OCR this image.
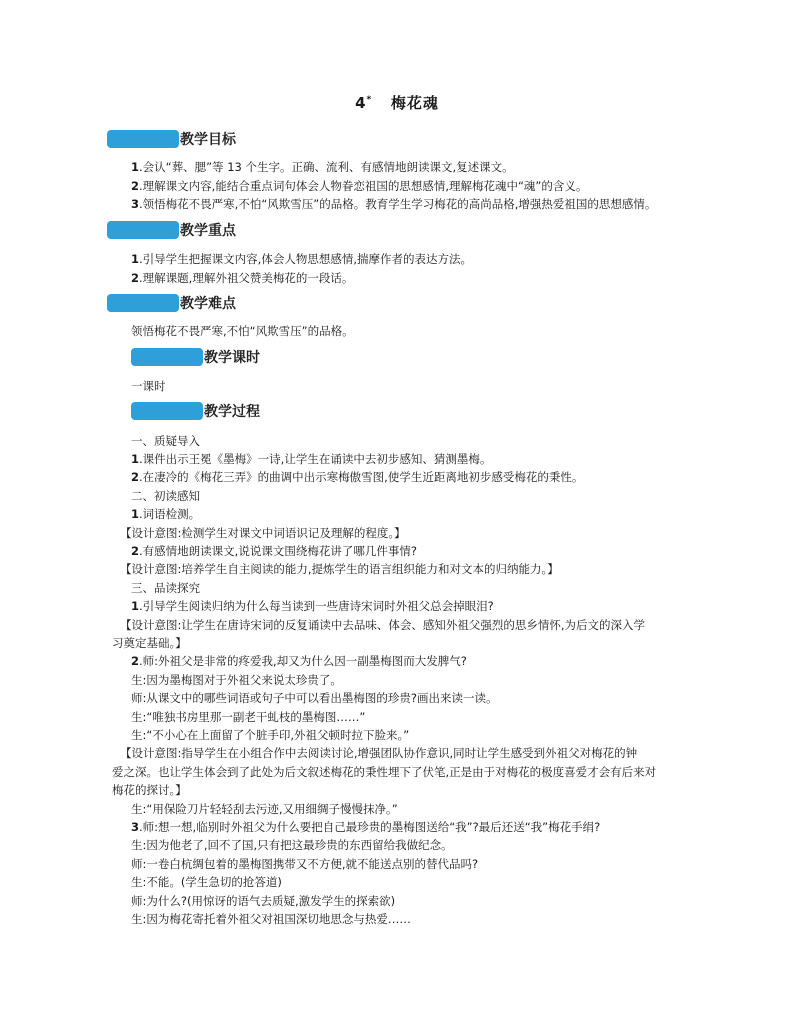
4* 梅花魂
教学目标
1.会认“葬、腮”等 13 个生字。正确、流利、有感情地朗读课文,复述课文。
2.理解课文内容,能结合重点词句体会人物眷恋祖国的思想感情,理解梅花魂中“魂”的含义。
3.领悟梅花不畏严寒,不怕“风欺雪压”的品格。教育学生学习梅花的高尚品格,增强热爱祖国的思想感情。
教学重点
1.引导学生把握课文内容,体会人物思想感情,揣摩作者的表达方法。
2.理解课题,理解外祖父赞美梅花的一段话。
教学难点
领悟梅花不畏严寒,不怕“风欺雪压”的品格。
教学课时
一课时
教学过程
一、质疑导入
1.课件出示王冕《墨梅》一诗,让学生在诵读中去初步感知、猜测墨梅。
2.在凄冷的《梅花三弄》的曲调中出示寒梅傲雪图,使学生近距离地初步感受梅花的秉性。
二、初读感知
1.词语检测。
【设计意图:检测学生对课文中词语识记及理解的程度。】
2.有感情地朗读课文,说说课文围绕梅花讲了哪几件事情?
【设计意图:培养学生自主阅读的能力,提炼学生的语言组织能力和对文本的归纳能力。】
三、品读探究
1.引导学生阅读归纳为什么每当读到一些唐诗宋词时外祖父总会掉眼泪?
【设计意图:让学生在唐诗宋词的反复诵读中去品味、体会、感知外祖父强烈的思乡情怀,为后文的深入学
习奠定基础。】
2.师:外祖父是非常的疼爱我,却又为什么因一副墨梅图而大发脾气?
生:因为墨梅图对于外祖父来说太珍贵了。
师:从课文中的哪些词语或句子中可以看出墨梅图的珍贵?画出来读一读。
生:“唯独书房里那一副老干虬枝的墨梅图……”
生:“不小心在上面留了个脏手印,外祖父顿时拉下脸来。”
【设计意图:指导学生在小组合作中去阅读讨论,增强团队协作意识,同时让学生感受到外祖父对梅花的钟
爱之深。也让学生体会到了此处为后文叙述梅花的秉性埋下了伏笔,正是由于对梅花的极度喜爱才会有后来对
梅花的探讨。】
生:“用保险刀片轻轻刮去污迹,又用细绸子慢慢抹净。”
3.师:想一想,临别时外祖父为什么要把自己最珍贵的墨梅图送给“我”?最后还送“我”梅花手绢?
生:因为他老了,回不了国,只有把这最珍贵的东西留给我做纪念。
师:一卷白杭绸包着的墨梅图携带又不方便,就不能送点别的替代品吗?
生:不能。(学生急切的抢答道)
师:为什么?(用惊讶的语气去质疑,激发学生的探索欲)
生:因为梅花寄托着外祖父对祖国深切地思念与热爱……
